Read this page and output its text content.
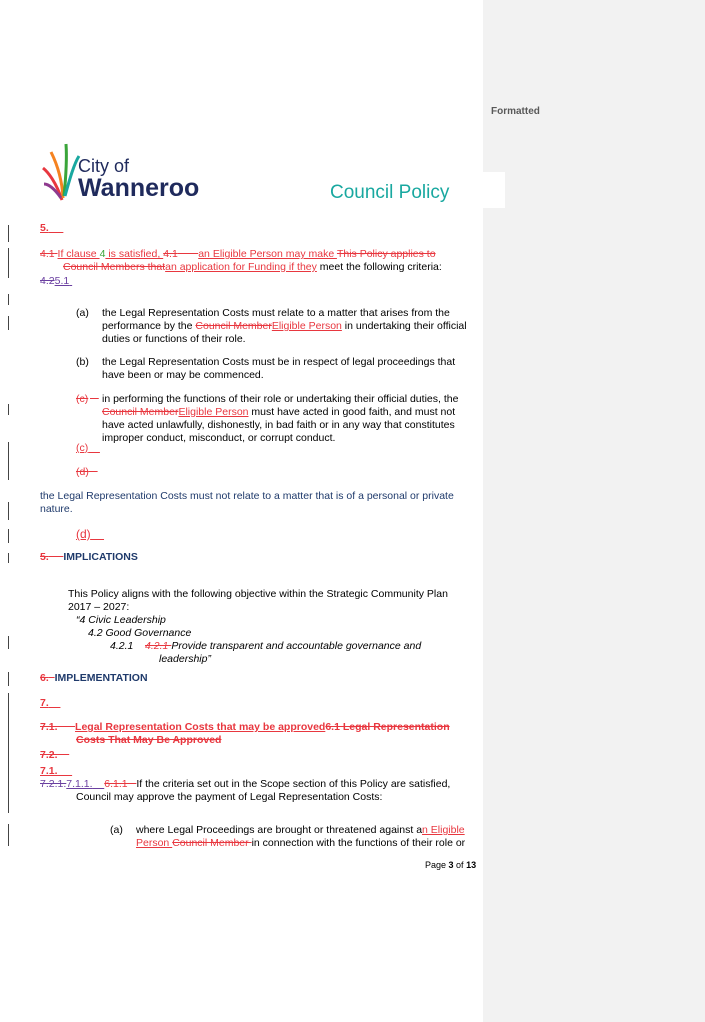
Formatted
City of
Wanneroo	Council Policy
5.
4.1 If clause 4 is satisfied, 4.1 an Eligible Person may make This Policy applies to
Council Members thatan application for Funding if they meet the following criteria:
4.25.1
(a) the Legal Representation Costs must relate to a matter that arises from the
performance by the Council MemberEligible Person in undertaking their official
duties or functions of their role.
(b) the Legal Representation Costs must be in respect of legal proceedings that
have been or may be commenced.
(c)
in performing the functions of their role or undertaking their official duties, the
Council MemberEligible Person must have acted in good faith, and must not
have acted unlawfully, dishonestly, in bad faith or in any way that constitutes
improper conduct, misconduct, or corrupt conduct.
(c)
(d)
the Legal Representation Costs must not relate to a matter that is of a personal or private
nature.
(d)
5. IMPLICATIONS
This Policy aligns with the following objective within the Strategic Community Plan
2017 – 2027:
“4 Civic Leadership
4.2 Good Governance
4.2.1 4.2.1 Provide transparent and accountable governance and
leadership”
6. IMPLEMENTATION
7.
7.1. Legal Representation Costs that may be approved6.1 Legal Representation
Costs That May Be Approved
7.2.
7.1.
7.2.1.7.1.1. 6.1.1   If the criteria set out in the Scope section of this Policy are satisfied,
Council may approve the payment of Legal Representation Costs:
(a) where Legal Proceedings are brought or threatened against an Eligible
Person Council Member in connection with the functions of their role or
Page 3 of 13
